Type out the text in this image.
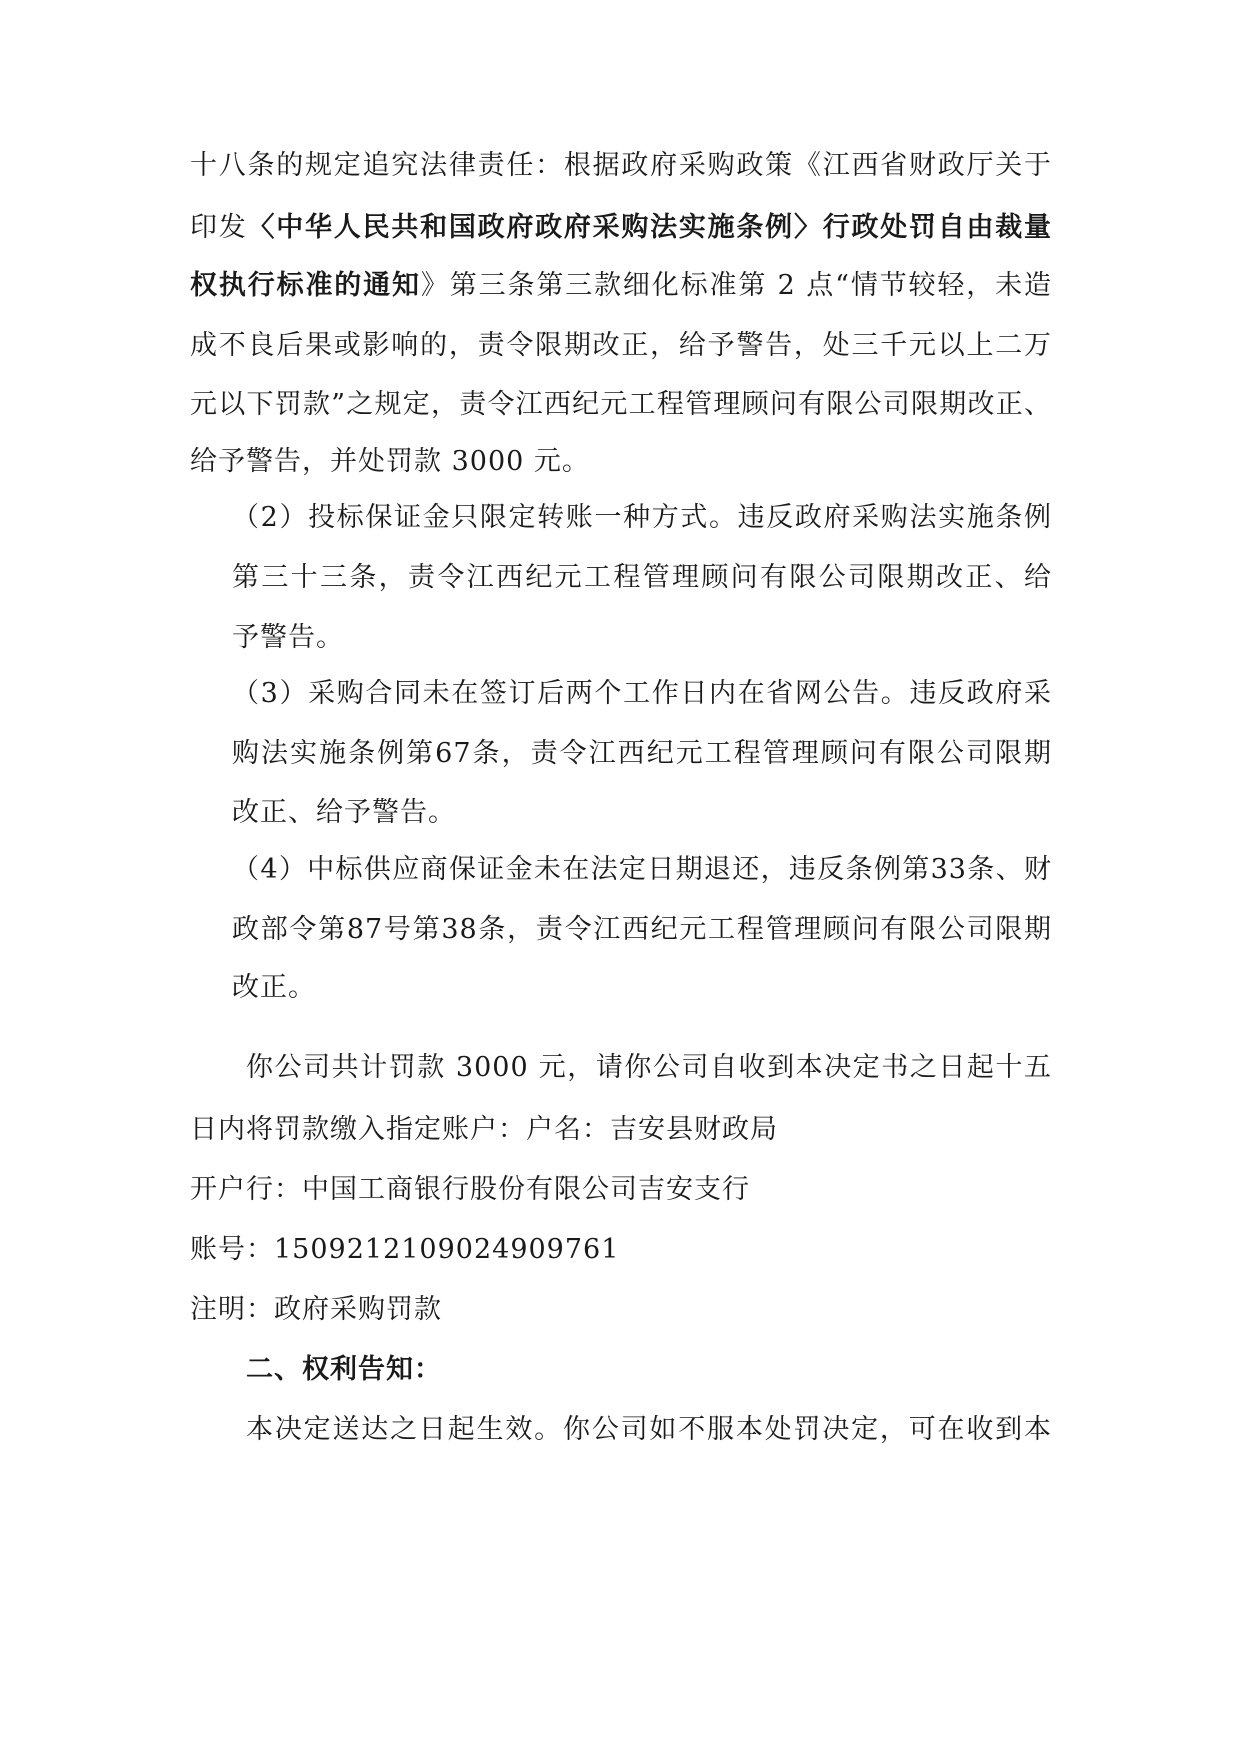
十八条的规定追究法律责任：根据政府采购政策《江西省财政厅关于
印发〈中华人民共和国政府政府采购法实施条例〉行政处罚自由裁量
权执行标准的通知》第三条第三款细化标准第 2 点“情节较轻，未造
成不良后果或影响的，责令限期改正，给予警告，处三千元以上二万
元以下罚款”之规定，责令江西纪元工程管理顾问有限公司限期改正、
给予警告，并处罚款 3000 元。
（2）投标保证金只限定转账一种方式。违反政府采购法实施条例
第三十三条，责令江西纪元工程管理顾问有限公司限期改正、给
予警告。
（3）采购合同未在签订后两个工作日内在省网公告。违反政府采
购法实施条例第67条，责令江西纪元工程管理顾问有限公司限期
改正、给予警告。
（4）中标供应商保证金未在法定日期退还，违反条例第33条、财
政部令第87号第38条，责令江西纪元工程管理顾问有限公司限期
改正。
你公司共计罚款 3000 元，请你公司自收到本决定书之日起十五
日内将罚款缴入指定账户：户名：吉安县财政局
开户行：中国工商银行股份有限公司吉安支行
账号：1509212109024909761
注明：政府采购罚款
二、权利告知：
本决定送达之日起生效。你公司如不服本处罚决定，可在收到本
